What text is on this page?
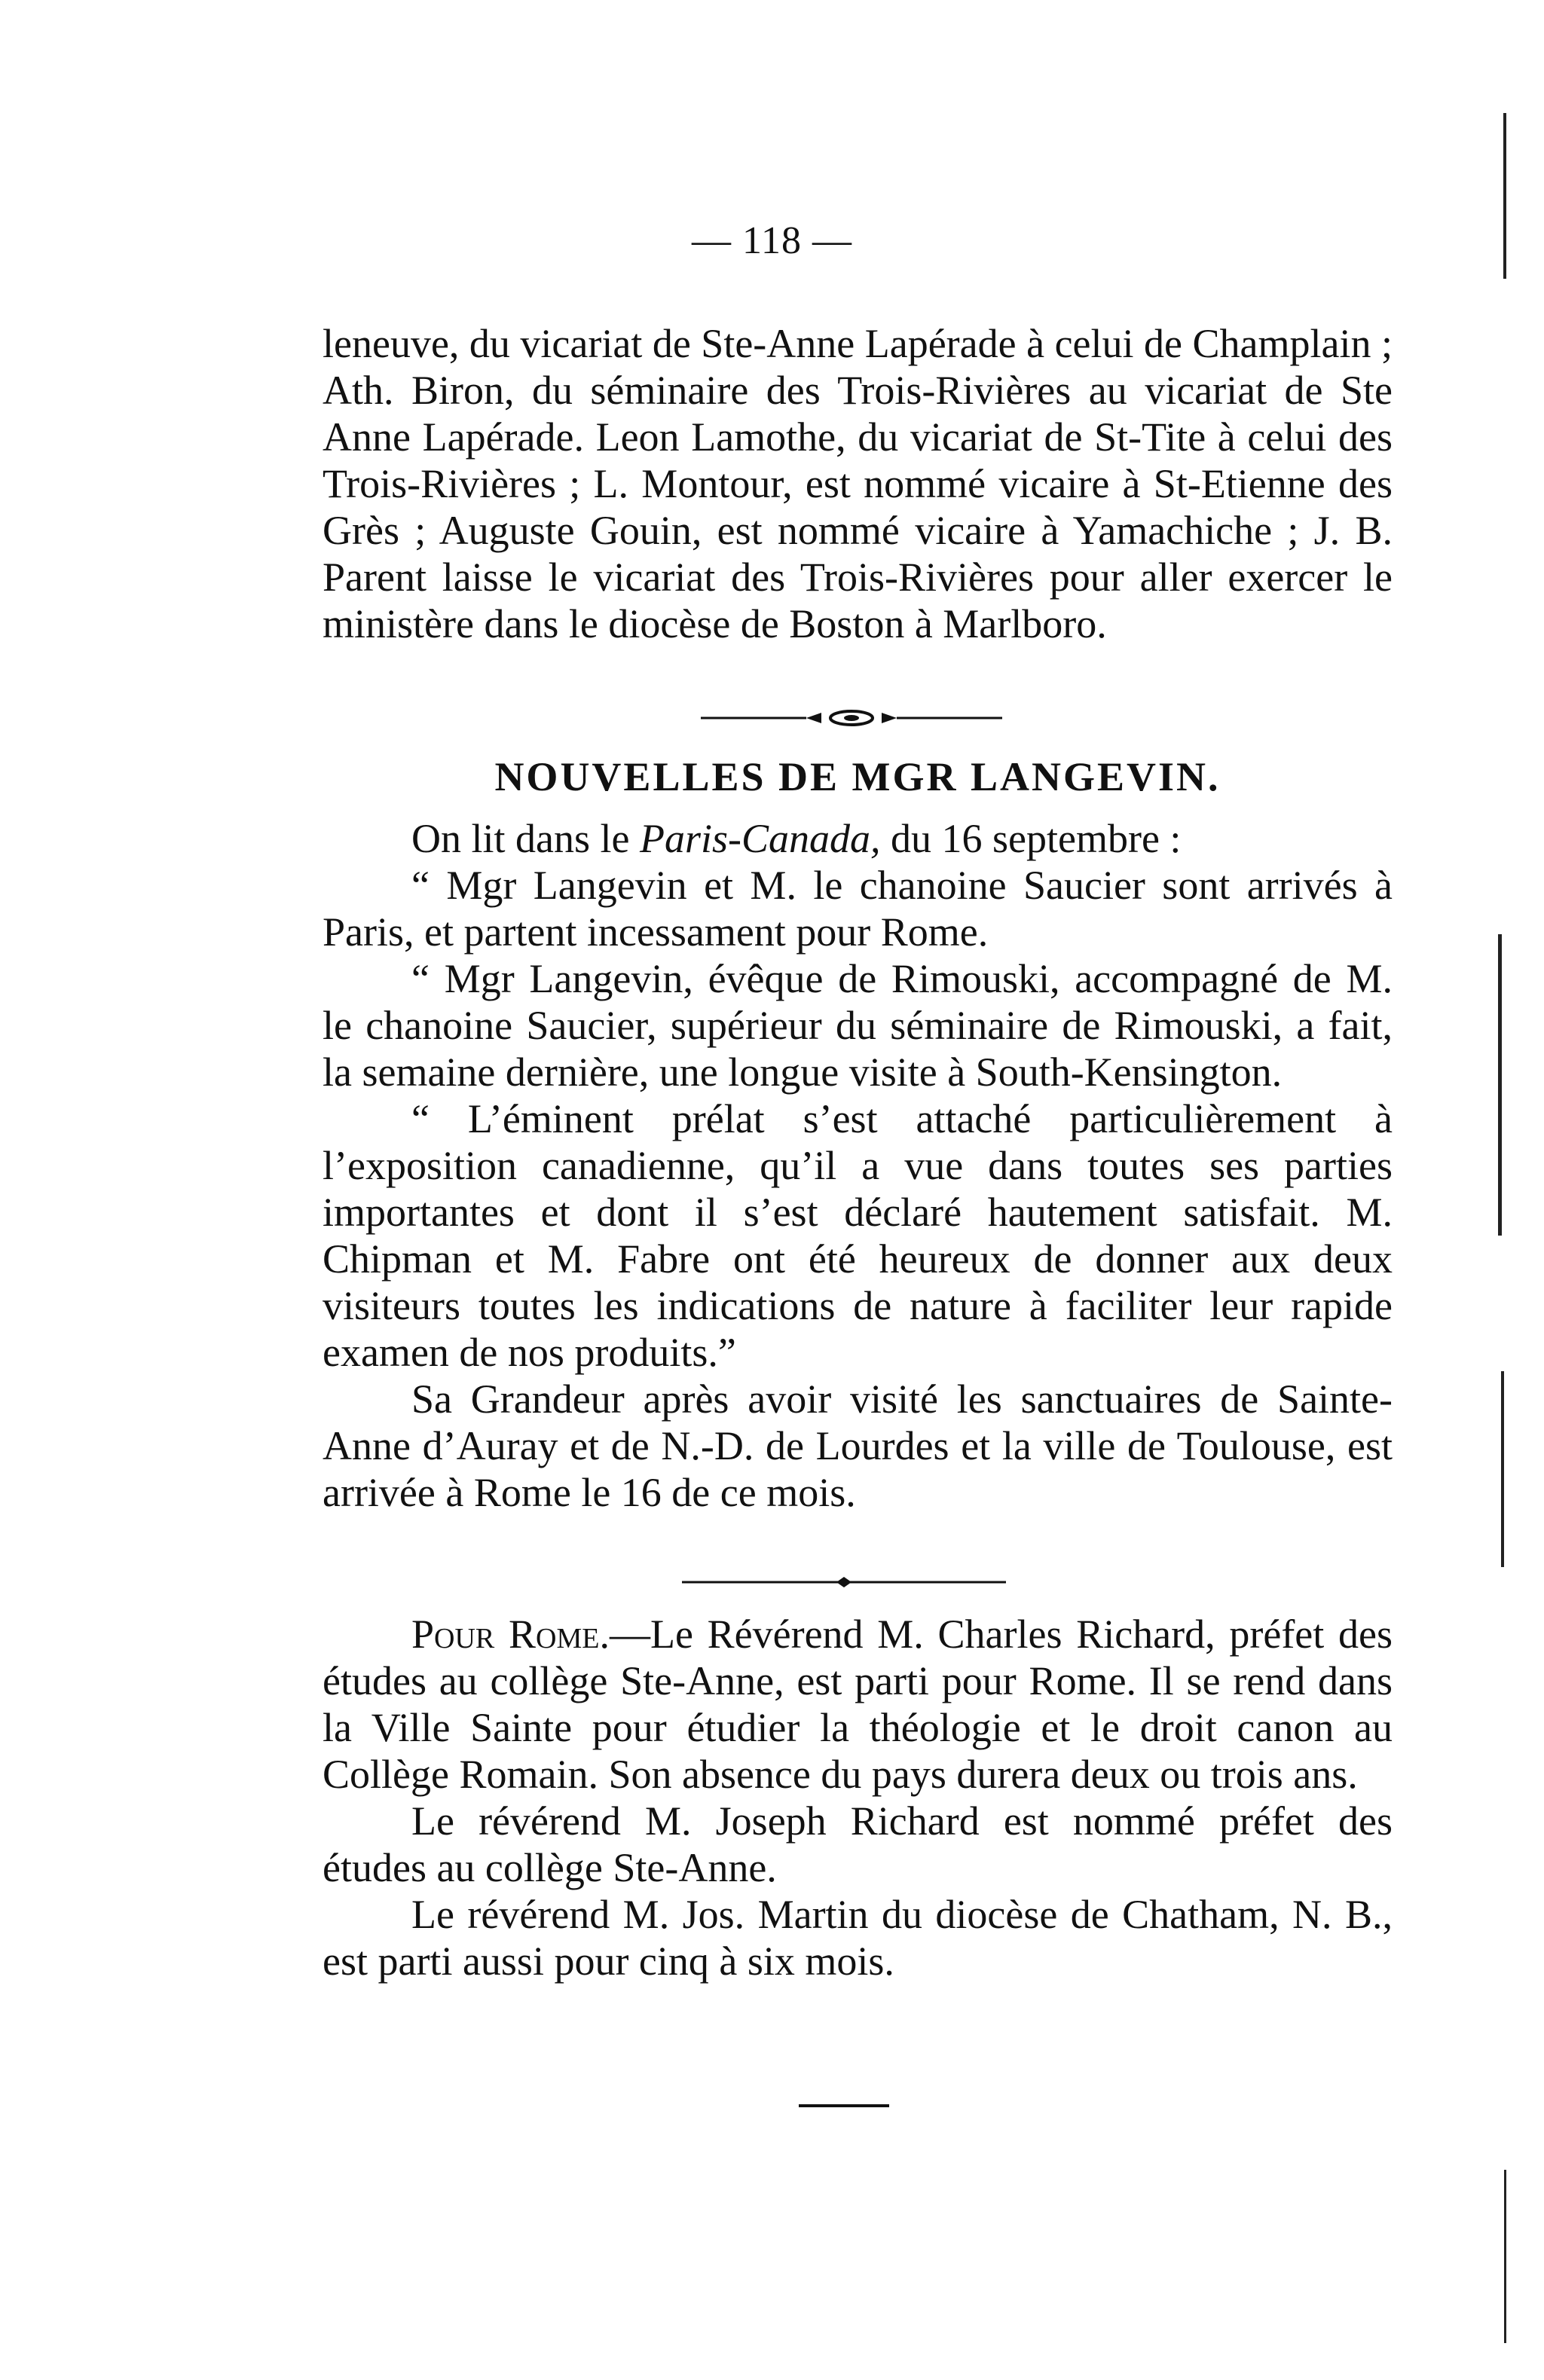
— 118 —

leneuve, du vicariat de Ste-Anne Lapérade à celui de Champlain ; Ath. Biron, du séminaire des Trois-Rivières au vicariat de Ste Anne Lapérade. Leon Lamothe, du vicariat de St-Tite à celui des Trois-Rivières ; L. Montour, est nommé vicaire à St-Etienne des Grès ; Auguste Gouin, est nommé vicaire à Yamachiche ; J. B. Parent laisse le vicariat des Trois-Rivières pour aller exercer le ministère dans le diocèse de Boston à Marlboro.

NOUVELLES DE MGR LANGEVIN.

On lit dans le Paris-Canada, du 16 septembre :

“ Mgr Langevin et M. le chanoine Saucier sont arrivés à Paris, et partent incessament pour Rome.

“ Mgr Langevin, évêque de Rimouski, accompagné de M. le chanoine Saucier, supérieur du séminaire de Rimouski, a fait, la semaine dernière, une longue visite à South-Kensington.

“ L’éminent prélat s’est attaché particulièrement à l’exposition canadienne, qu’il a vue dans toutes ses parties importantes et dont il s’est déclaré hautement satisfait. M. Chipman et M. Fabre ont été heureux de donner aux deux visiteurs toutes les indications de nature à faciliter leur rapide examen de nos produits.”

Sa Grandeur après avoir visité les sanctuaires de Sainte-Anne d’Auray et de N.-D. de Lourdes et la ville de Toulouse, est arrivée à Rome le 16 de ce mois.

Pour Rome.—Le Révérend M. Charles Richard, préfet des études au collège Ste-Anne, est parti pour Rome. Il se rend dans la Ville Sainte pour étudier la théologie et le droit canon au Collège Romain. Son absence du pays durera deux ou trois ans.

Le révérend M. Joseph Richard est nommé préfet des études au collège Ste-Anne.

Le révérend M. Jos. Martin du diocèse de Chatham, N. B., est parti aussi pour cinq à six mois.
